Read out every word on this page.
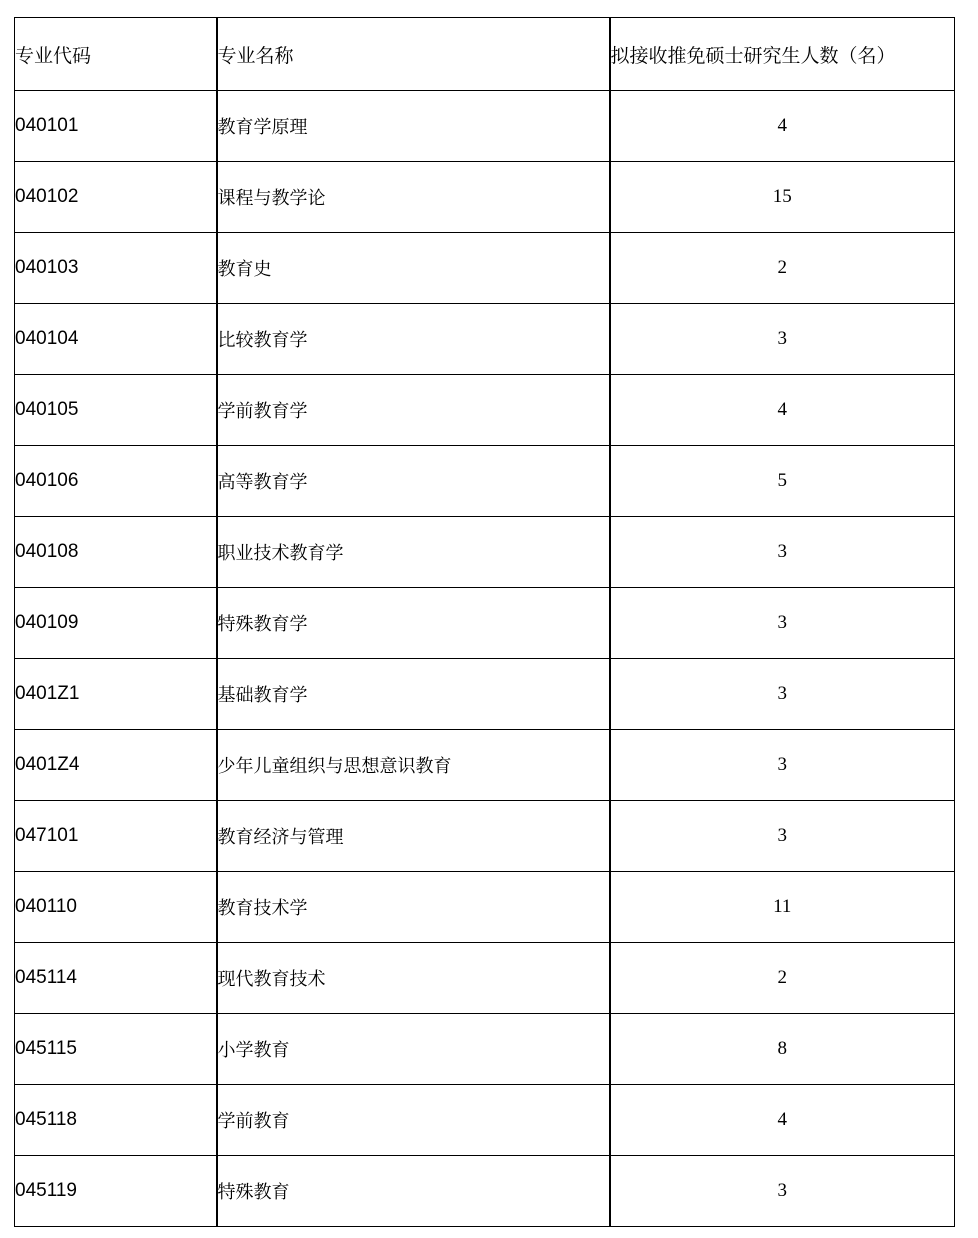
专业代码	专业名称	拟接收推免硕士研究生人数（名）
040101	教育学原理	4
040102	课程与教学论	15
040103	教育史	2
040104	比较教育学	3
040105	学前教育学	4
040106	高等教育学	5
040108	职业技术教育学	3
040109	特殊教育学	3
0401Z1	基础教育学	3
0401Z4	少年儿童组织与思想意识教育	3
047101	教育经济与管理	3
040110	教育技术学	11
045114	现代教育技术	2
045115	小学教育	8
045118	学前教育	4
045119	特殊教育	3
